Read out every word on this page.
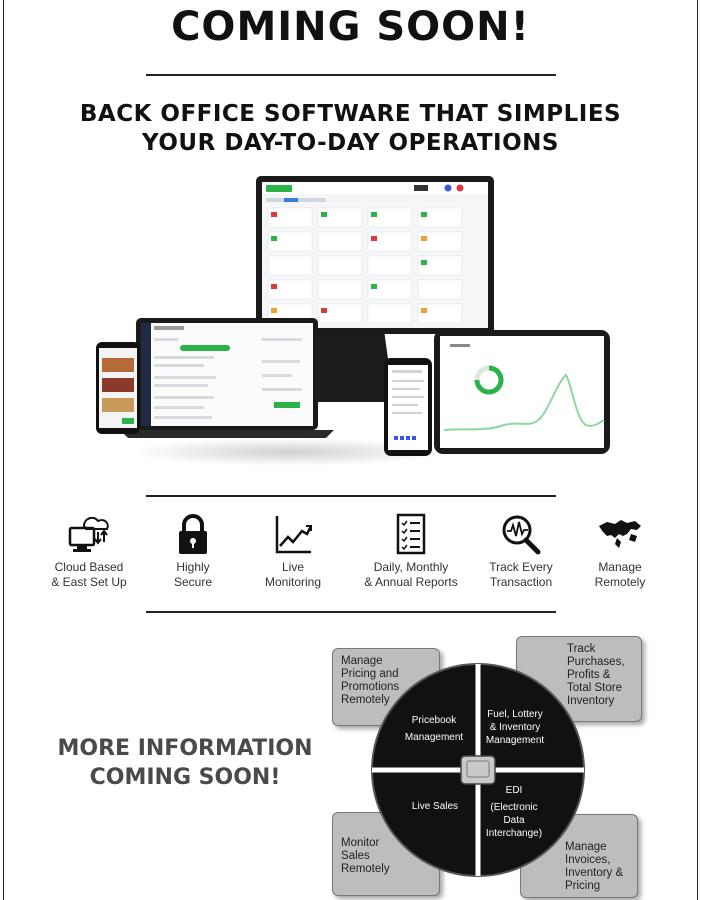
COMING SOON!
BACK OFFICE SOFTWARE THAT SIMPLIES
YOUR DAY-TO-DAY OPERATIONS
Cloud Based
& East Set Up
Highly
Secure
Live
Monitoring
Daily, Monthly
& Annual Reports
Track Every
Transaction
Manage
Remotely
MORE INFORMATION
COMING SOON!
Manage
Pricing and
Promotions
Remotely
Track
Purchases,
Profits &
Total Store
Inventory
Monitor
Sales
Remotely
Manage
Invoices,
Inventory &
Pricing
Pricebook
Management
Fuel, Lottery
& Inventory
Management
Live Sales
EDI
(Electronic
Data
Interchange)
